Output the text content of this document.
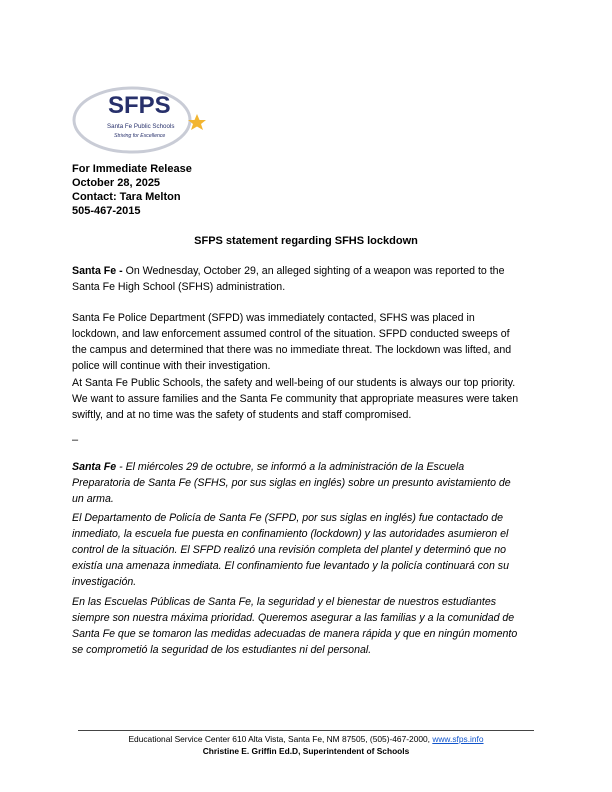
SFPS
Santa Fe Public Schools
Striving for Excellence
For Immediate Release
October 28, 2025
Contact: Tara Melton
505-467-2015
SFPS statement regarding SFHS lockdown
Santa Fe - On Wednesday, October 29, an alleged sighting of a weapon was reported to the
Santa Fe High School (SFHS) administration.
Santa Fe Police Department (SFPD) was immediately contacted, SFHS was placed in
lockdown, and law enforcement assumed control of the situation. SFPD conducted sweeps of
the campus and determined that there was no immediate threat. The lockdown was lifted, and
police will continue with their investigation.
At Santa Fe Public Schools, the safety and well-being of our students is always our top priority.
We want to assure families and the Santa Fe community that appropriate measures were taken
swiftly, and at no time was the safety of students and staff compromised.
–
Santa Fe - El miércoles 29 de octubre, se informó a la administración de la Escuela
Preparatoria de Santa Fe (SFHS, por sus siglas en inglés) sobre un presunto avistamiento de
un arma.
El Departamento de Policía de Santa Fe (SFPD, por sus siglas en inglés) fue contactado de
inmediato, la escuela fue puesta en confinamiento (lockdown) y las autoridades asumieron el
control de la situación. El SFPD realizó una revisión completa del plantel y determinó que no
existía una amenaza inmediata. El confinamiento fue levantado y la policía continuará con su
investigación.
En las Escuelas Públicas de Santa Fe, la seguridad y el bienestar de nuestros estudiantes
siempre son nuestra máxima prioridad. Queremos asegurar a las familias y a la comunidad de
Santa Fe que se tomaron las medidas adecuadas de manera rápida y que en ningún momento
se comprometió la seguridad de los estudiantes ni del personal.
Educational Service Center 610 Alta Vista, Santa Fe, NM 87505, (505)-467-2000, www.sfps.info
Christine E. Griffin Ed.D, Superintendent of Schools
